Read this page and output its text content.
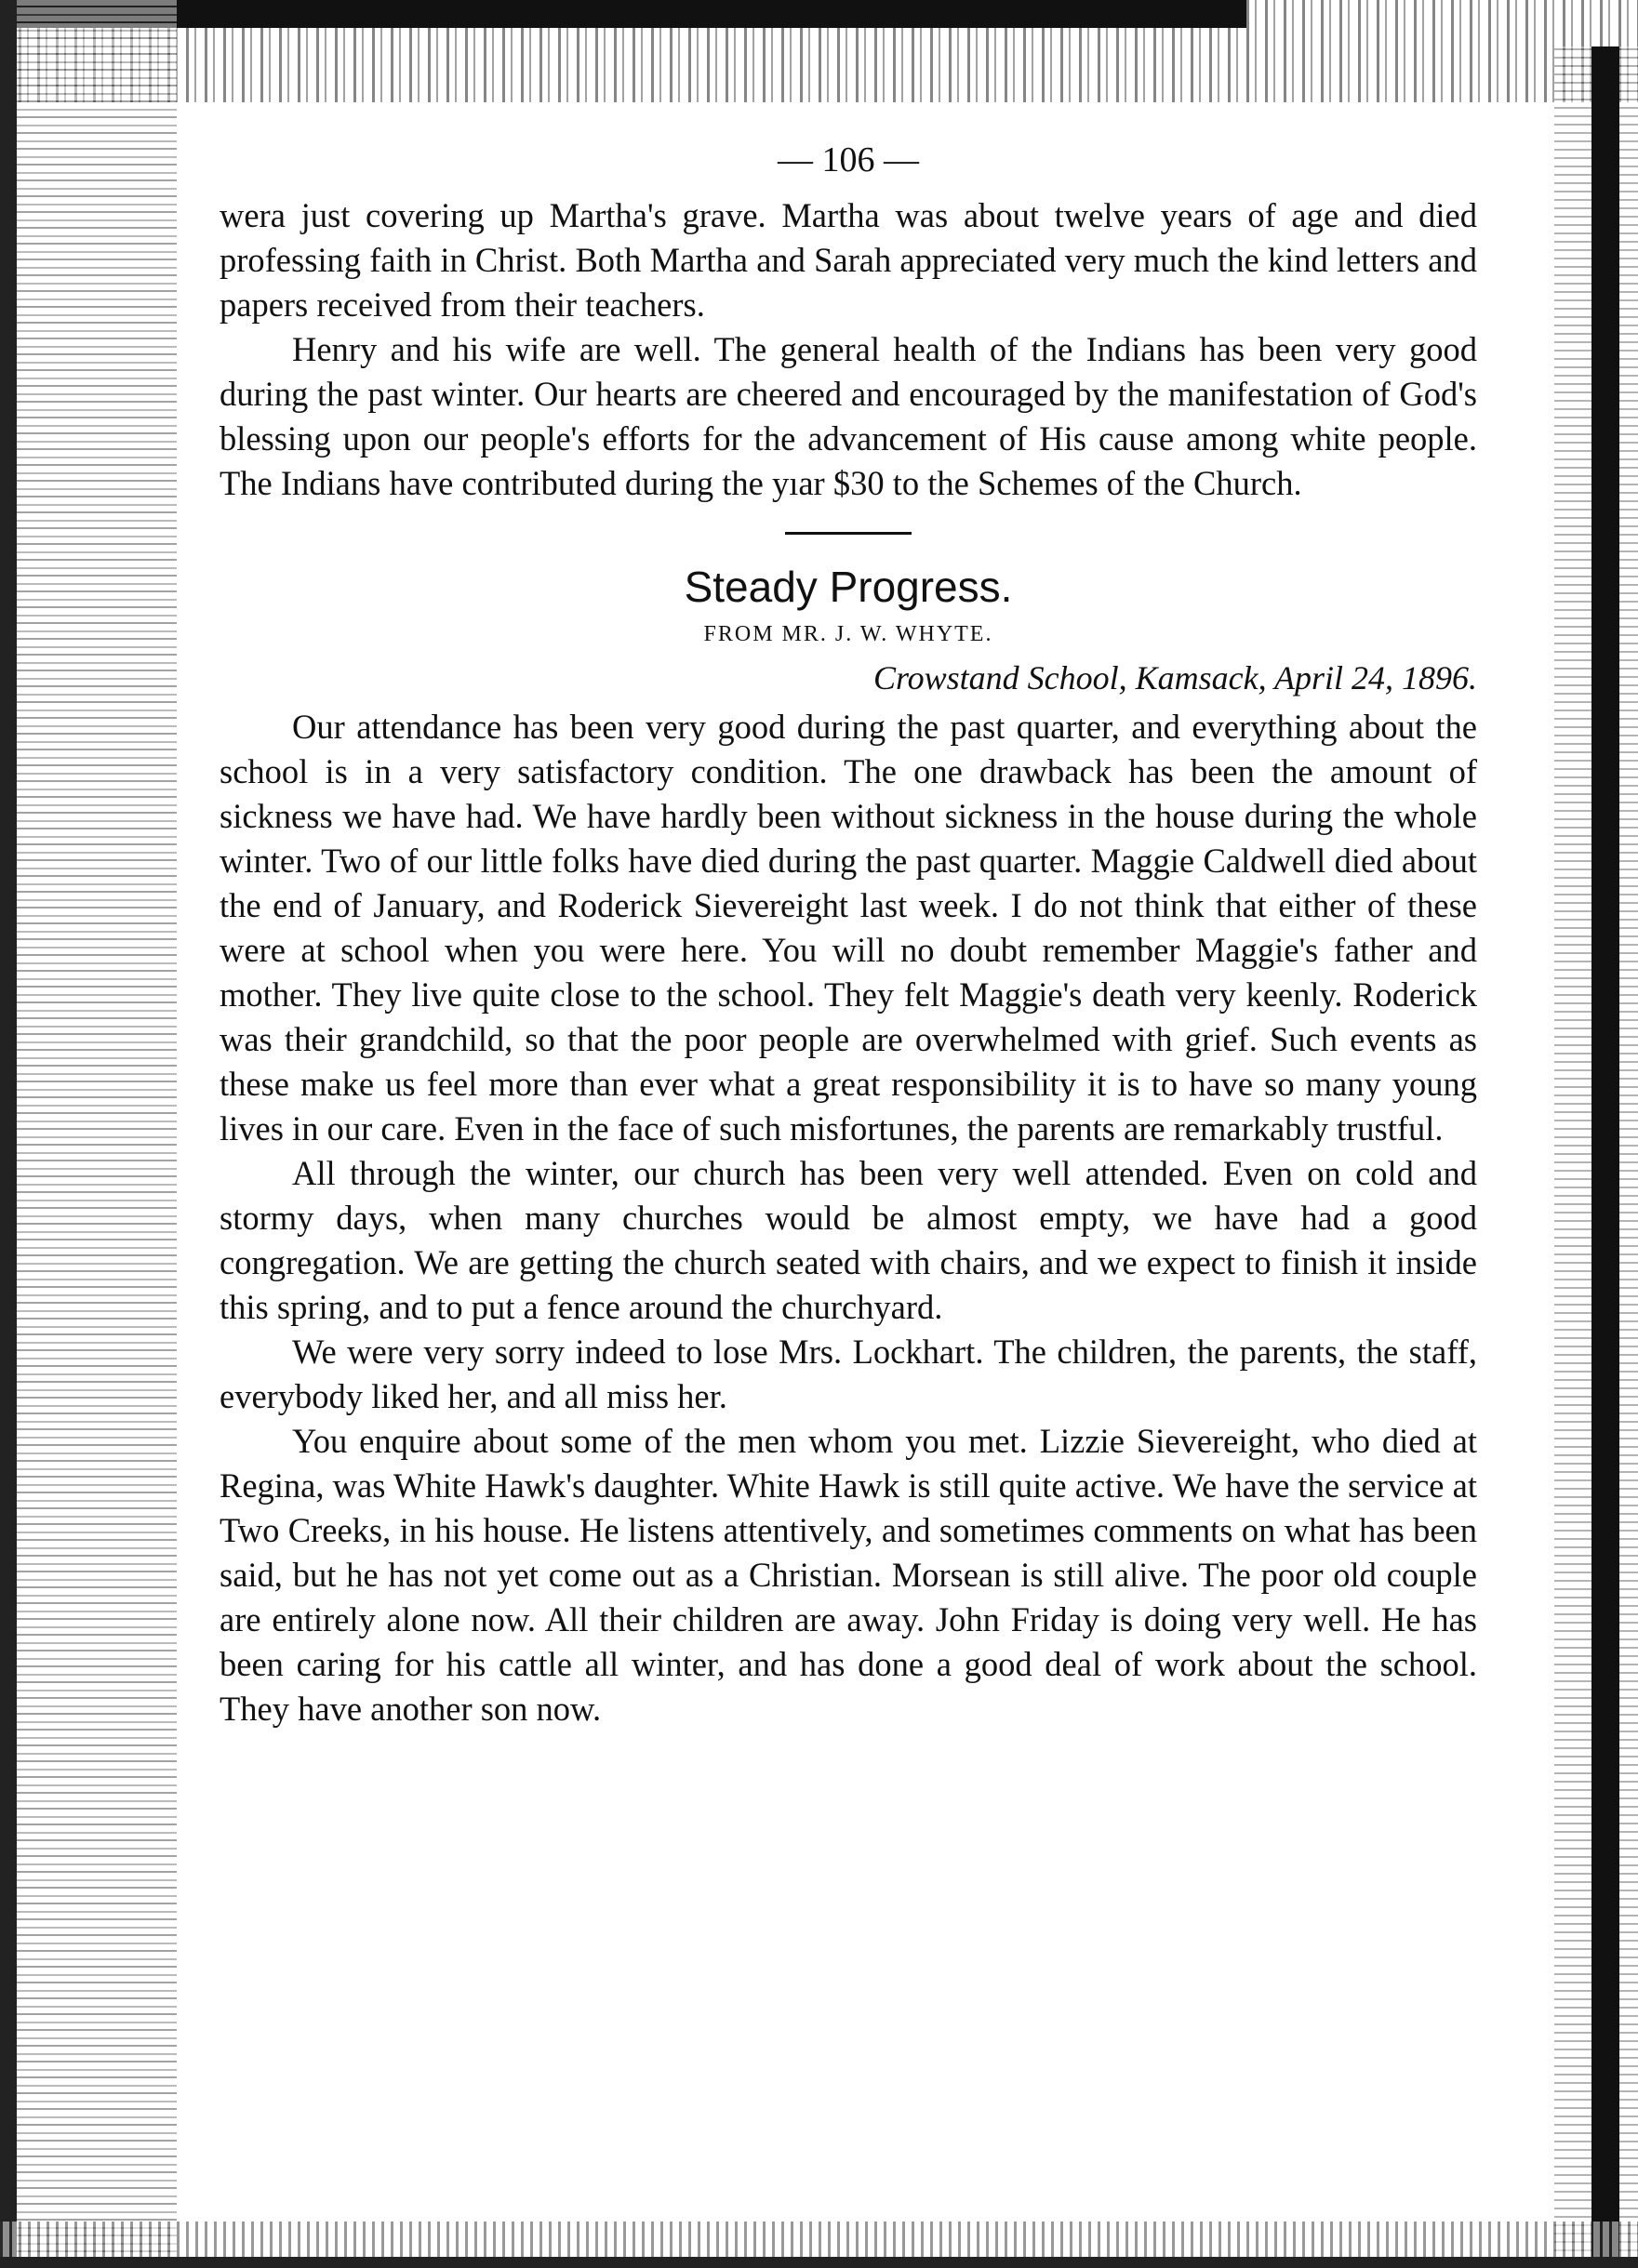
— 106 —

wera just covering up Martha's grave. Martha was about twelve years of age and died professing faith in Christ. Both Martha and Sarah appreciated very much the kind letters and papers received from their teachers.

Henry and his wife are well. The general health of the Indians has been very good during the past winter. Our hearts are cheered and encouraged by the manifestation of God's blessing upon our people's efforts for the advancement of His cause among white people. The Indians have contributed during the yıar $30 to the Schemes of the Church.

Steady Progress.
FROM MR. J. W. WHYTE.
Crowstand School, Kamsack, April 24, 1896.

Our attendance has been very good during the past quarter, and everything about the school is in a very satisfactory condition. The one drawback has been the amount of sickness we have had. We have hardly been without sickness in the house during the whole winter. Two of our little folks have died during the past quarter. Maggie Caldwell died about the end of January, and Roderick Sievereight last week. I do not think that either of these were at school when you were here. You will no doubt remember Maggie's father and mother. They live quite close to the school. They felt Maggie's death very keenly. Roderick was their grandchild, so that the poor people are overwhelmed with grief. Such events as these make us feel more than ever what a great responsibility it is to have so many young lives in our care. Even in the face of such misfortunes, the parents are remarkably trustful.

All through the winter, our church has been very well attended. Even on cold and stormy days, when many churches would be almost empty, we have had a good congregation. We are getting the church seated with chairs, and we expect to finish it inside this spring, and to put a fence around the churchyard.

We were very sorry indeed to lose Mrs. Lockhart. The children, the parents, the staff, everybody liked her, and all miss her.

You enquire about some of the men whom you met. Lizzie Sievereight, who died at Regina, was White Hawk's daughter. White Hawk is still quite active. We have the service at Two Creeks, in his house. He listens attentively, and sometimes comments on what has been said, but he has not yet come out as a Christian. Morsean is still alive. The poor old couple are entirely alone now. All their children are away. John Friday is doing very well. He has been caring for his cattle all winter, and has done a good deal of work about the school. They have another son now.
